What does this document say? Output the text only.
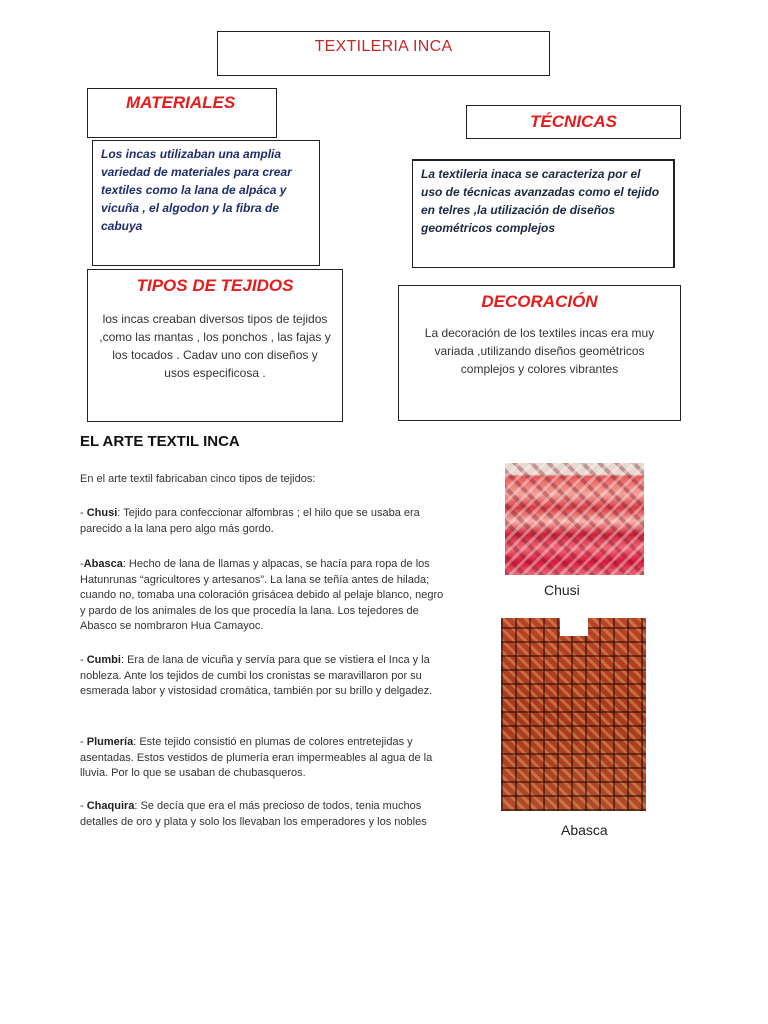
TEXTILERIA INCA
MATERIALES
Los incas utilizaban una amplia variedad de materiales para crear textiles como la lana de alpáca y vicuña , el algodon y la fibra de cabuya
TÉCNICAS
La textileria inaca se caracteriza por el uso de técnicas avanzadas como el tejido en telres ,la utilización de diseños geométricos complejos
TIPOS DE TEJIDOS
los incas creaban diversos tipos de tejidos ,como las mantas , los ponchos , las fajas y los tocados . Cadav uno con diseños y usos especificosa .
DECORACIÓN
La decoración de los textiles incas era muy variada ,utilizando diseños geométricos complejos y colores vibrantes
EL ARTE TEXTIL INCA
En el arte textil fabricaban cinco tipos de tejidos:
- Chusi: Tejido para confeccionar alfombras ; el hilo que se usaba era parecido a la lana pero algo más gordo.
-Abasca: Hecho de lana de llamas y alpacas, se hacía para ropa de los Hatunrunas “agricultores y artesanos”. La lana se teñía antes de hilada; cuando no, tomaba una coloración grisácea debido al pelaje blanco, negro y pardo de los animales de los que procedía la lana. Los tejedores de Abasco se nombraron Hua Camayoc.
- Cumbi: Era de lana de vicuña y servía para que se vistiera el Inca y la nobleza. Ante los tejidos de cumbi los cronistas se maravillaron por su esmerada labor y vistosidad cromática, también por su brillo y delgadez.
- Plumería: Este tejido consistió en plumas de colores entretejidas y asentadas. Estos vestidos de plumería eran impermeables al agua de la lluvia. Por lo que se usaban de chubasqueros.
- Chaquira: Se decía que era el más precioso de todos, tenia muchos detalles de oro y plata y solo los llevaban los emperadores y los nobles
Chusi
Abasca
